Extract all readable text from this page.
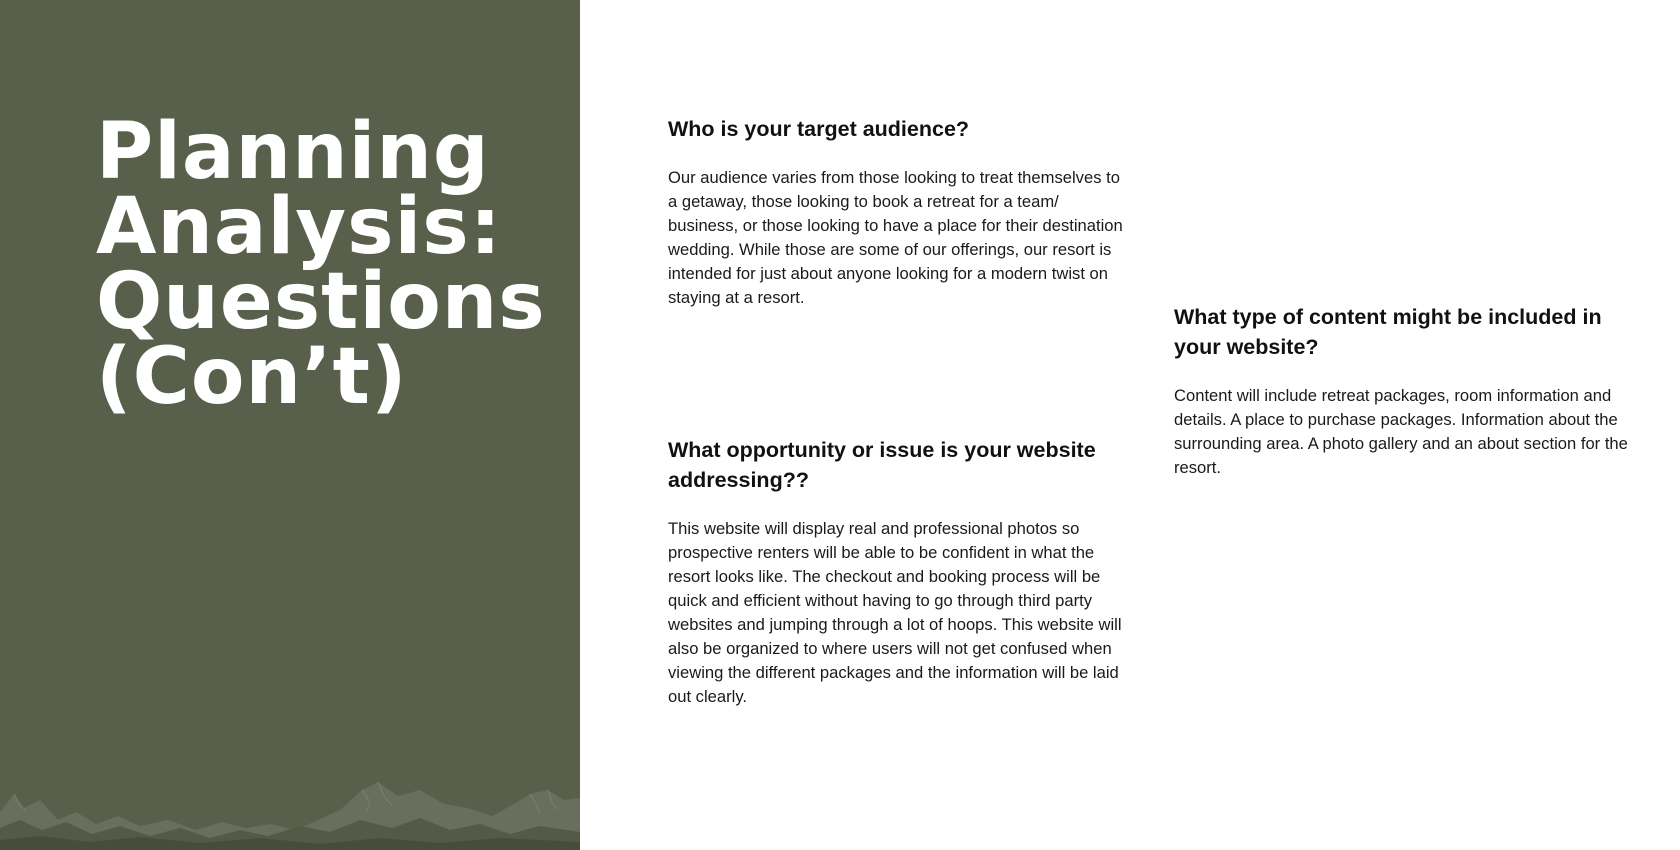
Planning
Analysis:
Questions
(Con’t)
Who is your target audience?

Our audience varies from those looking to treat themselves to a getaway, those looking to book a retreat for a team/ business, or those looking to have a place for their destination wedding. While those are some of our offerings, our resort is intended for just about anyone looking for a modern twist on staying at a resort.

What opportunity or issue is your website addressing??

This website will display real and professional photos so prospective renters will be able to be confident in what the resort looks like. The checkout and booking process will be quick and efficient without having to go through third party websites and jumping through a lot of hoops. This website will also be organized to where users will not get confused when viewing the different packages and the information will be laid out clearly.

What type of content might be included in your website?

Content will include retreat packages, room information and details. A place to purchase packages. Information about the surrounding area. A photo gallery and an about section for the resort.
